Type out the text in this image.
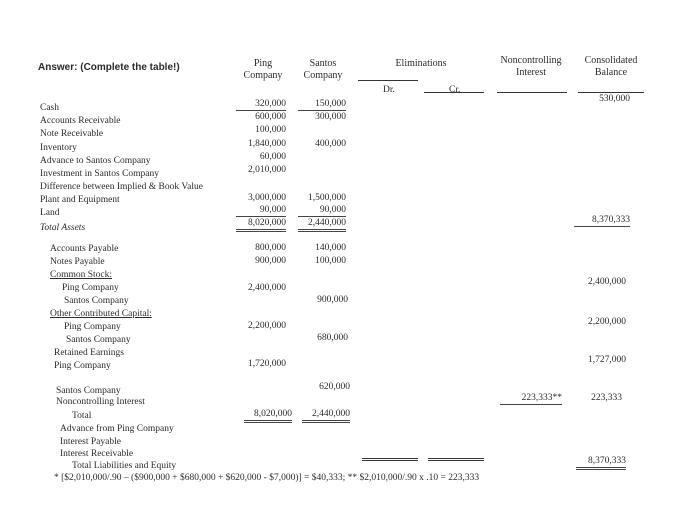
Answer: (Complete the table!)	Ping Company
Santos Company
Eliminations
Dr.	Cr.
Noncontrolling Interest
Consolidated Balance
Cash
Accounts Receivable
Note Receivable
Inventory
Advance to Santos Company
Investment in Santos Company
Difference between Implied & Book Value
Plant and Equipment
Land
Total Assets
Accounts Payable
Notes Payable
Common Stock:
Ping Company
Santos Company
Other Contributed Capital:
Ping Company
Santos Company
Retained Earnings
Ping Company
Santos Company
Noncontrolling Interest
Total
Advance from Ping Company
Interest Payable
Interest Receivable
Total Liabilities and Equity
320,000
600,000
100,000
1,840,000
60,000
2,010,000
3,000,000
90,000
8,020,000
800,000
900,000
2,400,000
2,200,000
1,720,000
8,020,000
150,000
300,000
400,000
1,500,000
90,000
2,440,000
140,000
100,000
900,000
680,000
620,000
2,440,000
223,333**
530,000
8,370,333
2,400,000
2,200,000
1,727,000
223,333
8,370,333
* [$2,010,000/.90 – ($900,000 + $680,000 + $620,000 - $7,000)] = $40,333; ** $2,010,000/.90 x .10 = 223,333
